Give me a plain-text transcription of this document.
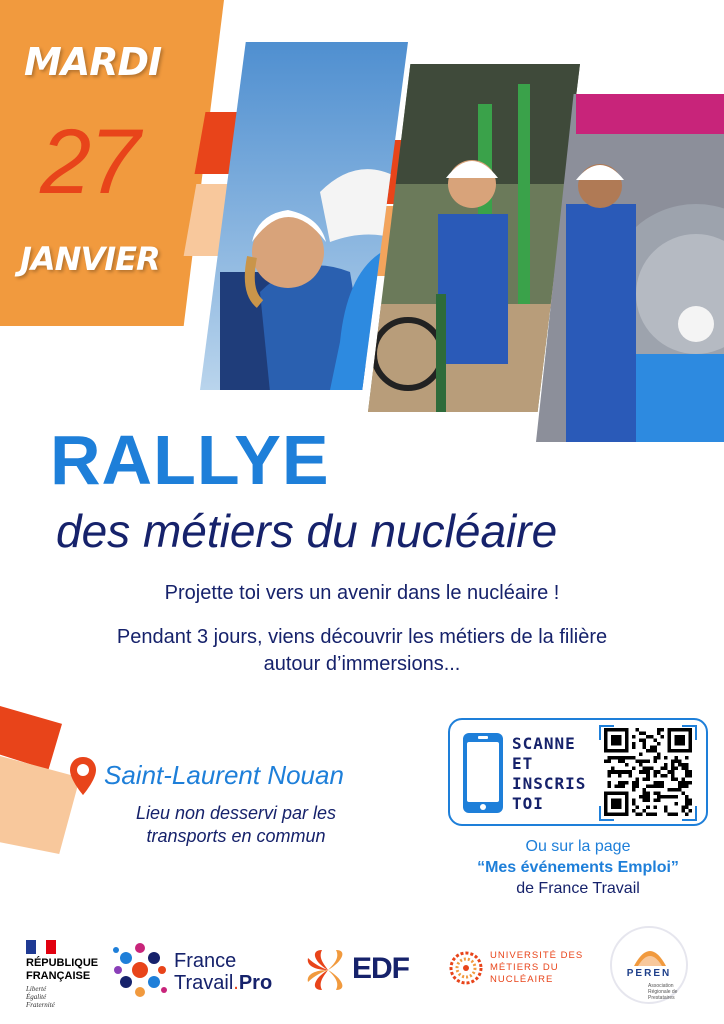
MARDI
27
JANVIER
RALLYE
des métiers du nucléaire
Projette toi vers un avenir dans le nucléaire !
Pendant 3 jours, viens découvrir les métiers de la filière
autour d’immersions...
Saint-Laurent Nouan
Lieu non desservi par les
transports en commun
SCANNE
ET
INSCRIS
TOI
Ou sur la page
“Mes événements Emploi”
de France Travail
RÉPUBLIQUE
FRANÇAISE
Liberté
Égalité
Fraternité
France
Travail.Pro	EDF	UNIVERSITÉ DES
MÉTIERS DU
NUCLÉAIRE
PEREN
Association Régionale de Prestataires
